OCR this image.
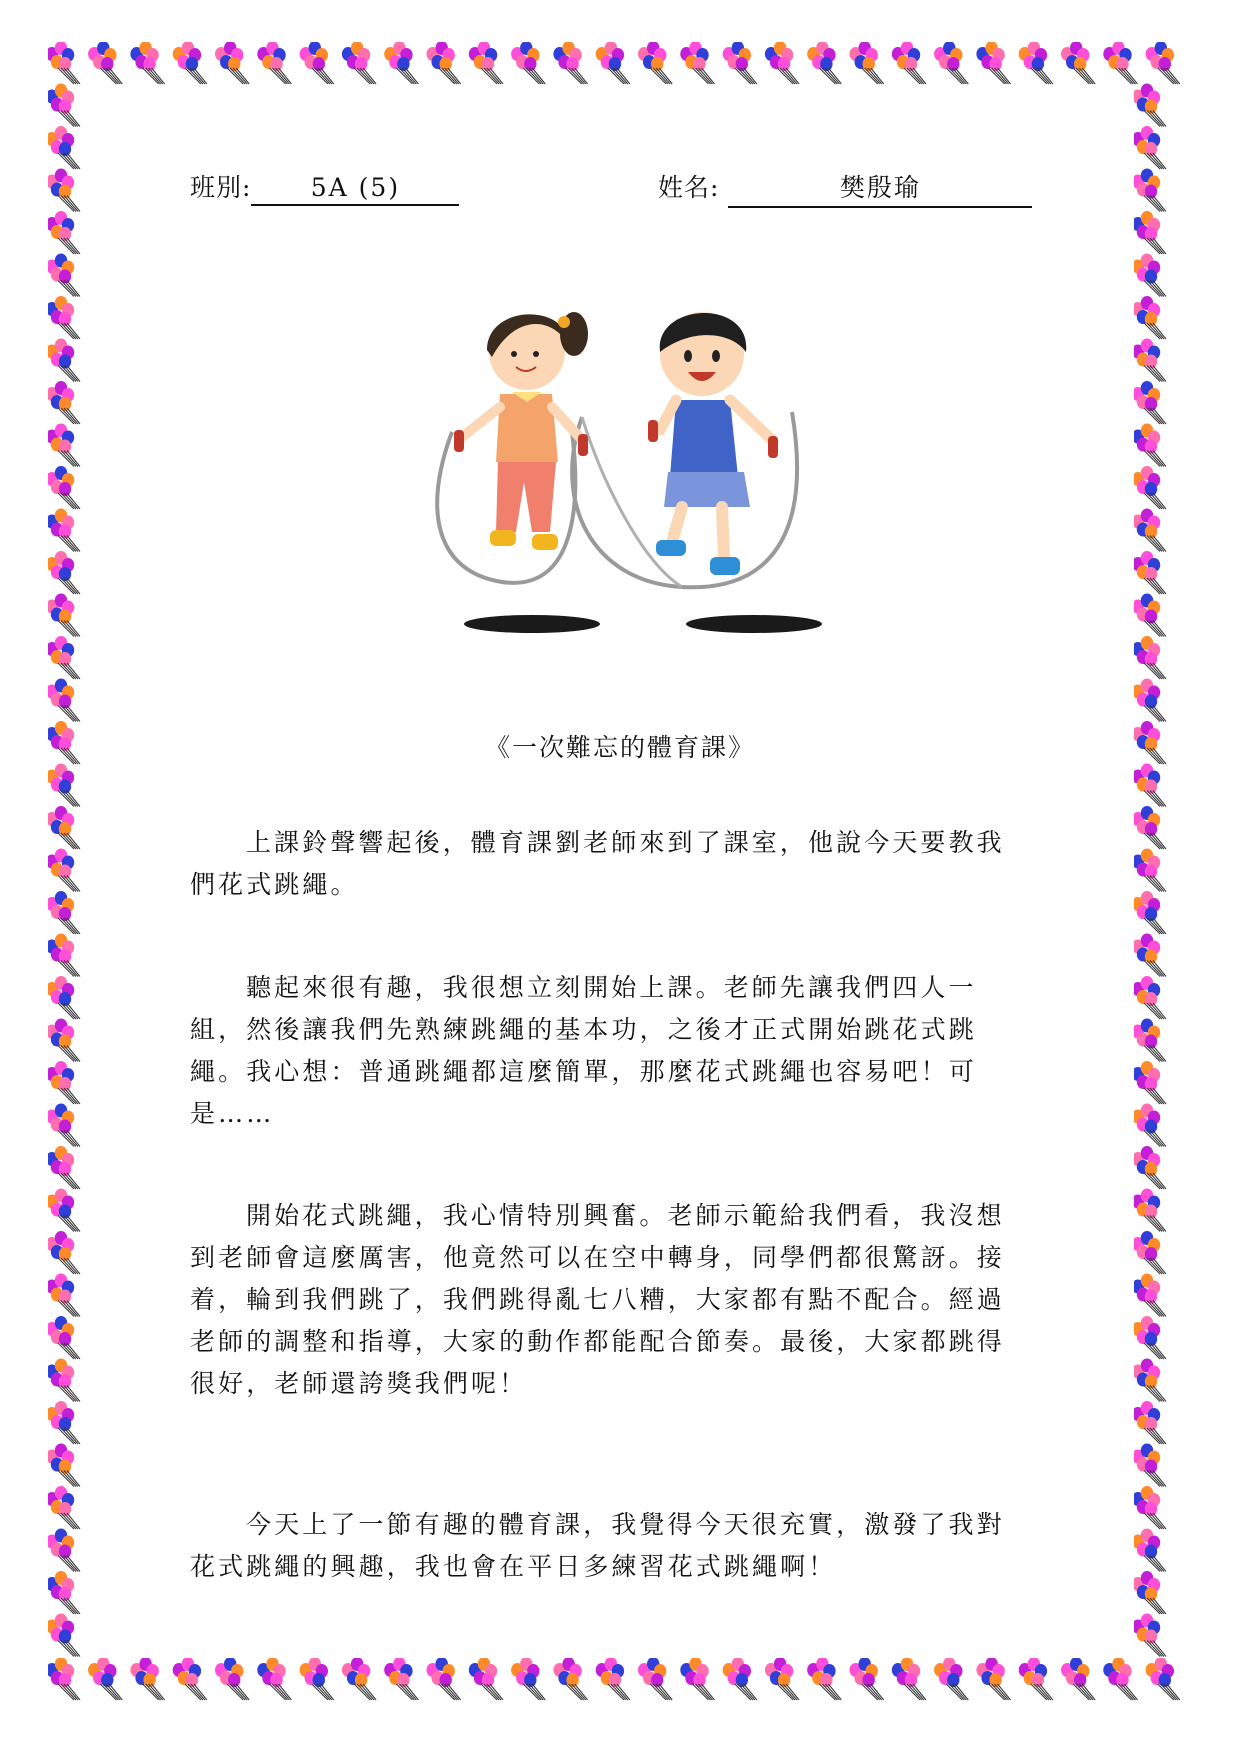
班別: 5A (5)	姓名:	樊殷瑜
《一次難忘的體育課》

上課鈴聲響起後，體育課劉老師來到了課室，他說今天要教我們花式跳繩。

聽起來很有趣，我很想立刻開始上課。老師先讓我們四人一組，然後讓我們先熟練跳繩的基本功，之後才正式開始跳花式跳繩。我心想：普通跳繩都這麼簡單，那麼花式跳繩也容易吧！可是……

開始花式跳繩，我心情特別興奮。老師示範給我們看，我沒想到老師會這麼厲害，他竟然可以在空中轉身，同學們都很驚訝。接着，輪到我們跳了，我們跳得亂七八糟，大家都有點不配合。經過老師的調整和指導，大家的動作都能配合節奏。最後，大家都跳得很好，老師還誇獎我們呢！

今天上了一節有趣的體育課，我覺得今天很充實，激發了我對花式跳繩的興趣，我也會在平日多練習花式跳繩啊！
